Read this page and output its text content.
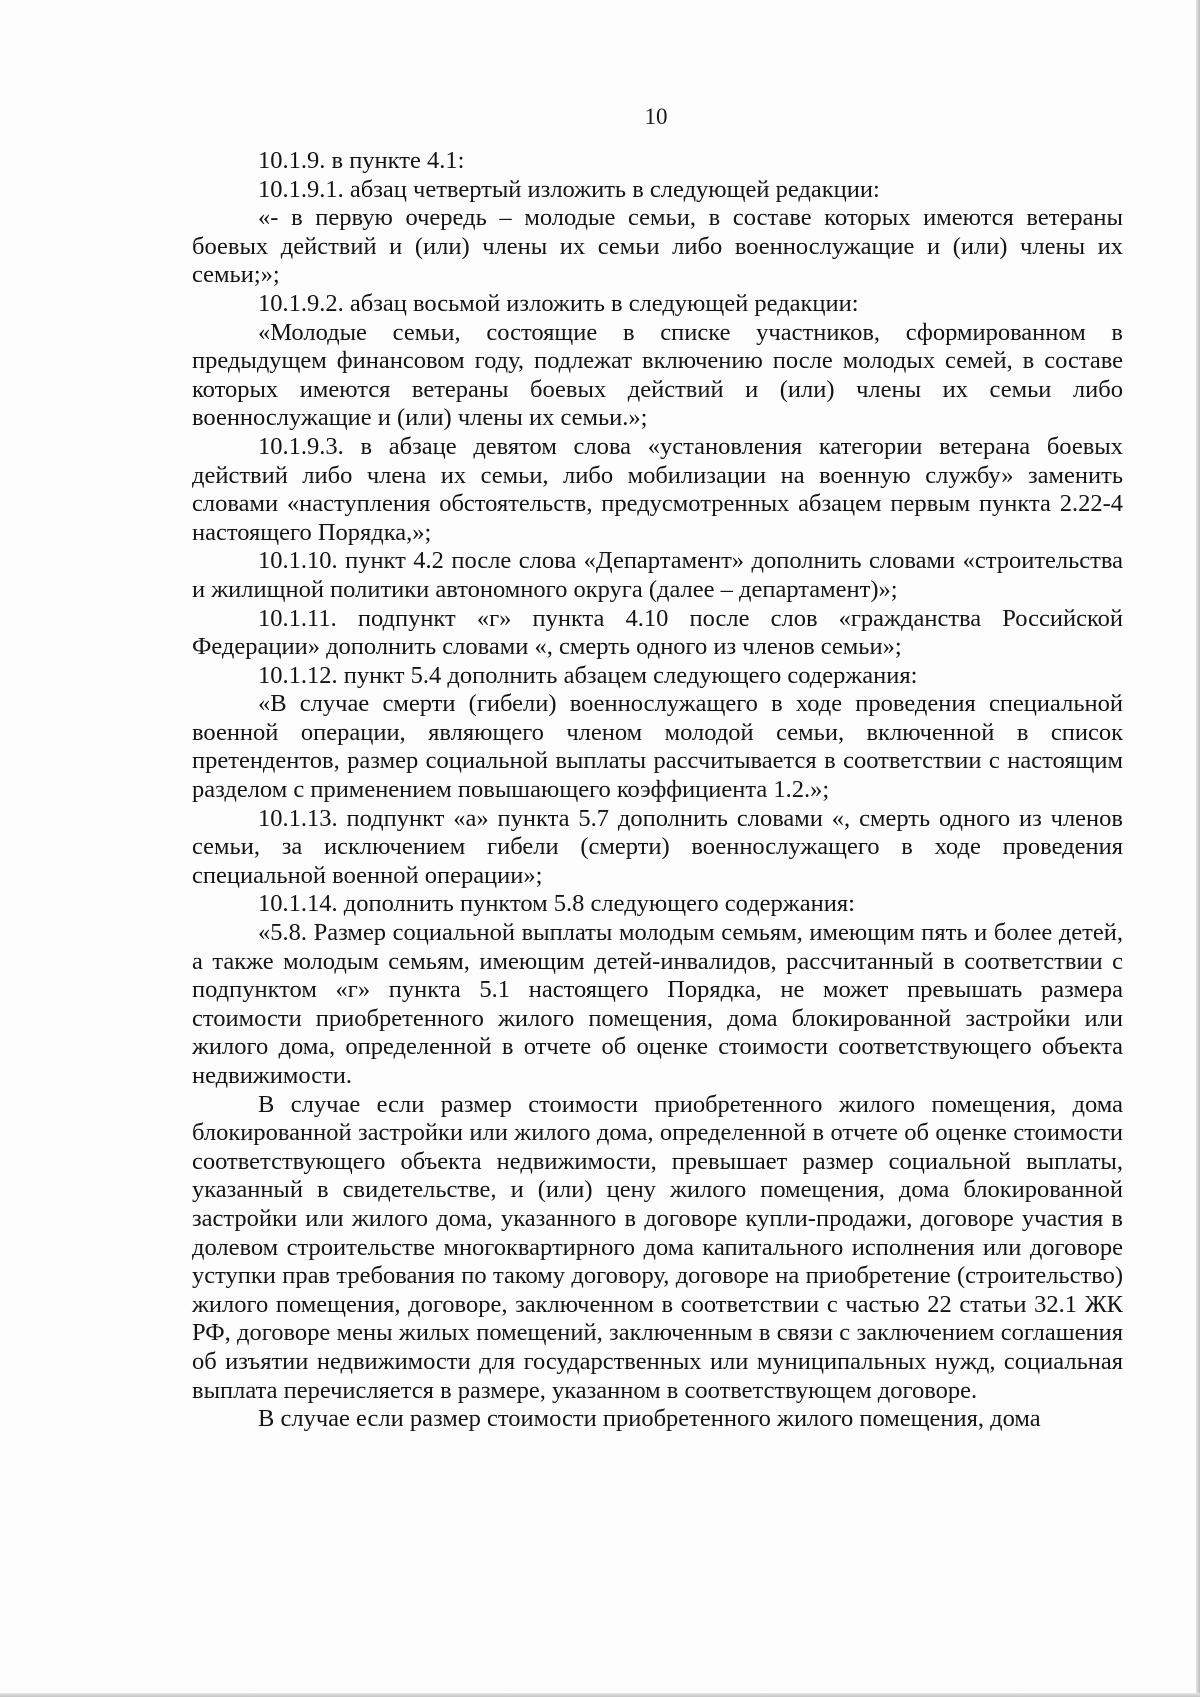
10

10.1.9. в пункте 4.1:

10.1.9.1. абзац четвертый изложить в следующей редакции:

«- в первую очередь – молодые семьи, в составе которых имеются ветераны боевых действий и (или) члены их семьи либо военнослужащие и (или) члены их семьи;»;

10.1.9.2. абзац восьмой изложить в следующей редакции:

«Молодые семьи, состоящие в списке участников, сформированном в предыдущем финансовом году, подлежат включению после молодых семей, в составе которых имеются ветераны боевых действий и (или) члены их семьи либо военнослужащие и (или) члены их семьи.»;

10.1.9.3. в абзаце девятом слова «установления категории ветерана боевых действий либо члена их семьи, либо мобилизации на военную службу» заменить словами «наступления обстоятельств, предусмотренных абзацем первым пункта 2.22-4 настоящего Порядка,»;

10.1.10. пункт 4.2 после слова «Департамент» дополнить словами «строительства и жилищной политики автономного округа (далее – департамент)»;

10.1.11. подпункт «г» пункта 4.10 после слов «гражданства Российской Федерации» дополнить словами «, смерть одного из членов семьи»;

10.1.12. пункт 5.4 дополнить абзацем следующего содержания:

«В случае смерти (гибели) военнослужащего в ходе проведения специальной военной операции, являющего членом молодой семьи, включенной в список претендентов, размер социальной выплаты рассчитывается в соответствии с настоящим разделом с применением повышающего коэффициента 1.2.»;

10.1.13. подпункт «а» пункта 5.7 дополнить словами «, смерть одного из членов семьи, за исключением гибели (смерти) военнослужащего в ходе проведения специальной военной операции»;

10.1.14. дополнить пунктом 5.8 следующего содержания:

«5.8. Размер социальной выплаты молодым семьям, имеющим пять и более детей, а также молодым семьям, имеющим детей-инвалидов, рассчитанный в соответствии с подпунктом «г» пункта 5.1 настоящего Порядка, не может превышать размера стоимости приобретенного жилого помещения, дома блокированной застройки или жилого дома, определенной в отчете об оценке стоимости соответствующего объекта недвижимости.

В случае если размер стоимости приобретенного жилого помещения, дома блокированной застройки или жилого дома, определенной в отчете об оценке стоимости соответствующего объекта недвижимости, превышает размер социальной выплаты, указанный в свидетельстве, и (или) цену жилого помещения, дома блокированной застройки или жилого дома, указанного в договоре купли-продажи, договоре участия в долевом строительстве многоквартирного дома капитального исполнения или договоре уступки прав требования по такому договору, договоре на приобретение (строительство) жилого помещения, договоре, заключенном в соответствии с частью 22 статьи 32.1 ЖК РФ, договоре мены жилых помещений, заключенным в связи с заключением соглашения об изъятии недвижимости для государственных или муниципальных нужд, социальная выплата перечисляется в размере, указанном в соответствующем договоре.

В случае если размер стоимости приобретенного жилого помещения, дома
